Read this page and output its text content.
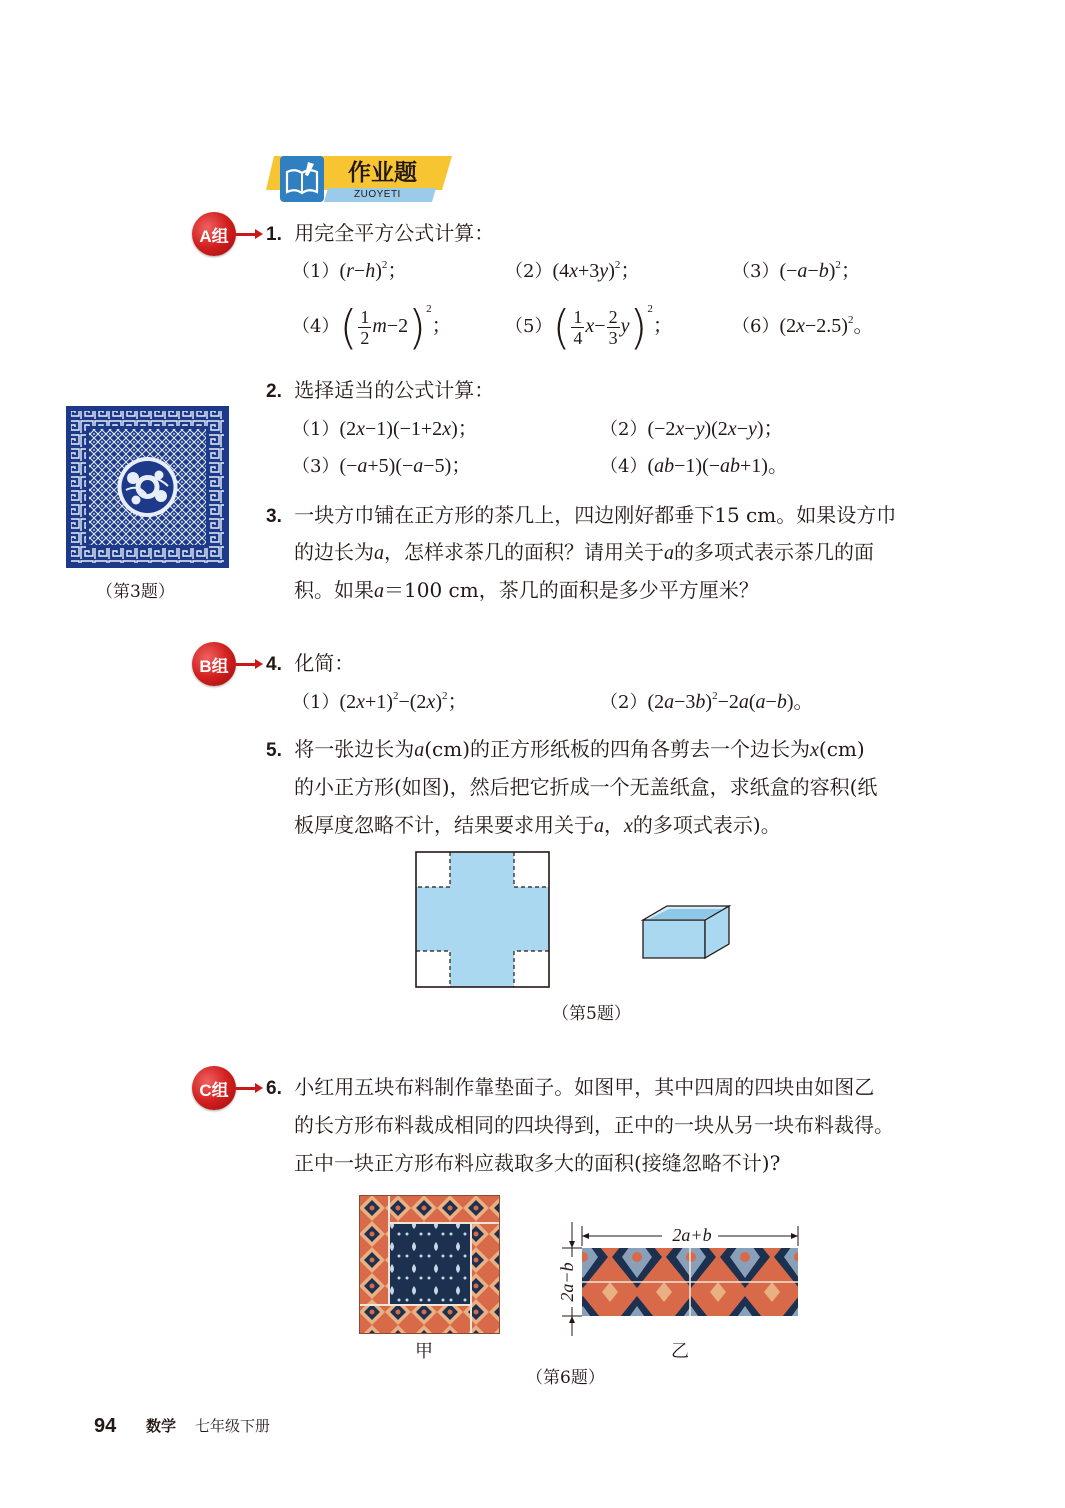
作业题
ZUOYETI
A组	1. 用完全平方公式计算：
$(1)(r-h)^2$；	$(2)(4x+3y)^2$；	$(3)(-a-b)^2$；
$(4)( \frac{1}{2} m-2)^2$；	$(5)( \frac{1}{4} x- \frac{2}{3} y)^2$；	$(6)(2x-2.5)^2$。
2. 选择适当的公式计算：
（1）(2x−1)(−1+2x)；	（2）(−2x−y)(2x−y)；
（3）(−a+5)(−a−5)；	（4）(ab−1)(−ab+1)。
（第3题）
3. 一块方巾铺在正方形的茶几上，四边刚好都垂下15 cm。如果设方巾
的边长为a，怎样求茶几的面积？请用关于a的多项式表示茶几的面
积。如果a＝100 cm，茶几的面积是多少平方厘米？
B组	4. 化简：
$(1)(2x+1)^2-(2x)^2$；	$(2)(2a-3b)^2-2a(a-b)$。
5. 将一张边长为a(cm)的正方形纸板的四角各剪去一个边长为x(cm)
的小正方形(如图)，然后把它折成一个无盖纸盒，求纸盒的容积(纸
板厚度忽略不计，结果要求用关于a，x的多项式表示)。
（第5题）
C组	6. 小红用五块布料制作靠垫面子。如图甲，其中四周的四块由如图乙
的长方形布料裁成相同的四块得到，正中的一块从另一块布料裁得。
正中一块正方形布料应裁取多大的面积(接缝忽略不计)?
甲
2a+b
2a−b
乙
（第6题）
94 数学 七年级下册
